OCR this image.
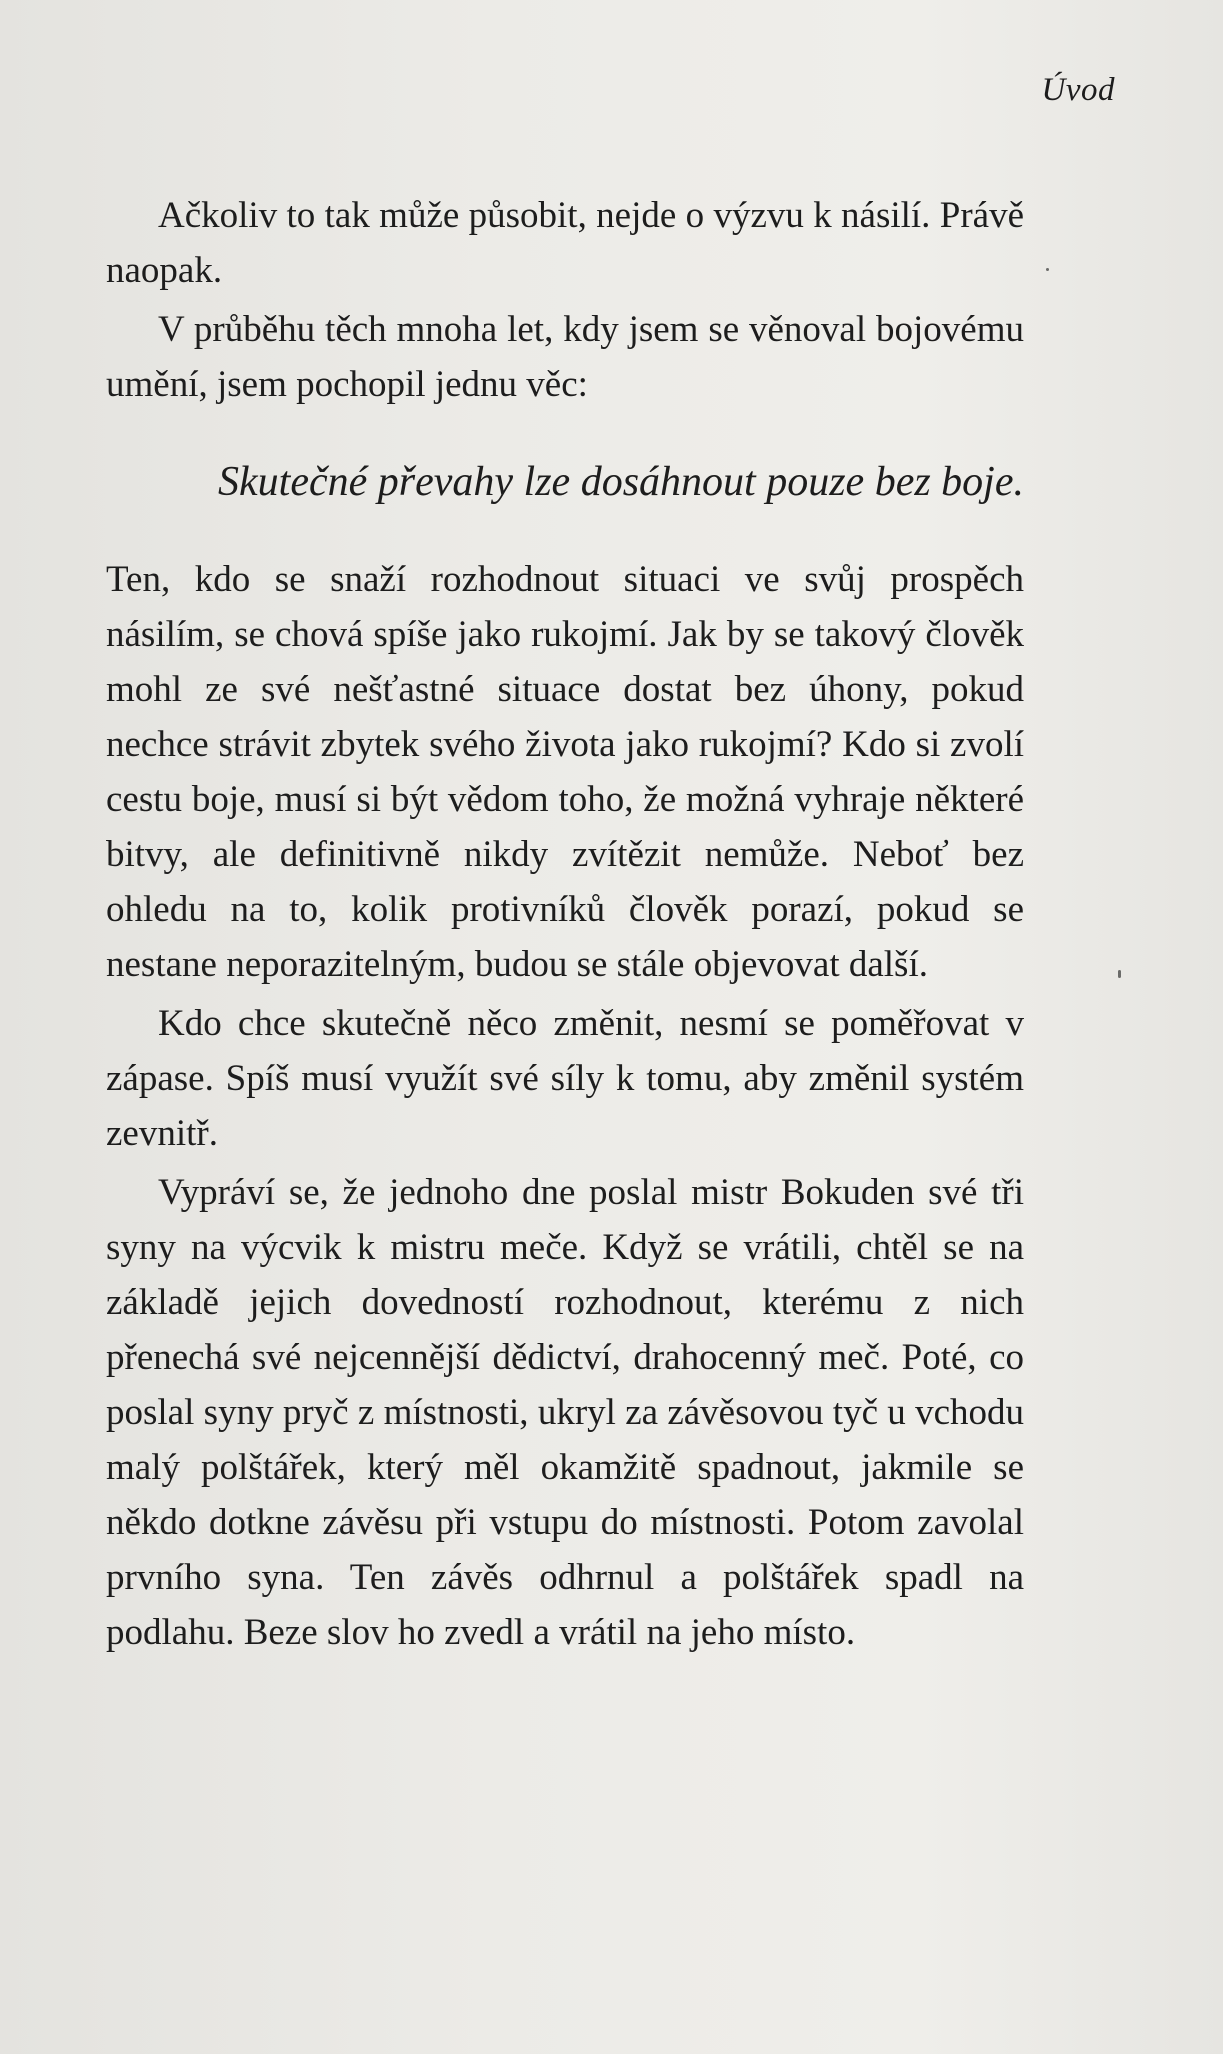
Úvod

Ačkoliv to tak může působit, nejde o výzvu k násilí. Právě naopak.

V průběhu těch mnoha let, kdy jsem se věnoval bojovému umění, jsem pochopil jednu věc:

Skutečné převahy lze dosáhnout pouze bez boje.

Ten, kdo se snaží rozhodnout situaci ve svůj prospěch násilím, se chová spíše jako rukojmí. Jak by se takový člověk mohl ze své nešťastné situace dostat bez úhony, pokud nechce strávit zbytek svého života jako rukojmí? Kdo si zvolí cestu boje, musí si být vědom toho, že možná vyhraje některé bitvy, ale definitivně nikdy zvítězit nemůže. Neboť bez ohledu na to, kolik protivníků člověk porazí, pokud se nestane neporazitelným, budou se stále objevovat další.

Kdo chce skutečně něco změnit, nesmí se poměřovat v zápase. Spíš musí využít své síly k tomu, aby změnil systém zevnitř.

Vypráví se, že jednoho dne poslal mistr Bokuden své tři syny na výcvik k mistru meče. Když se vrátili, chtěl se na základě jejich dovedností rozhodnout, kterému z nich přenechá své nejcennější dědictví, drahocenný meč. Poté, co poslal syny pryč z místnosti, ukryl za závěsovou tyč u vchodu malý polštářek, který měl okamžitě spadnout, jakmile se někdo dotkne závěsu při vstupu do místnosti. Potom zavolal prvního syna. Ten závěs odhrnul a polštářek spadl na podlahu. Beze slov ho zvedl a vrátil na jeho místo.
